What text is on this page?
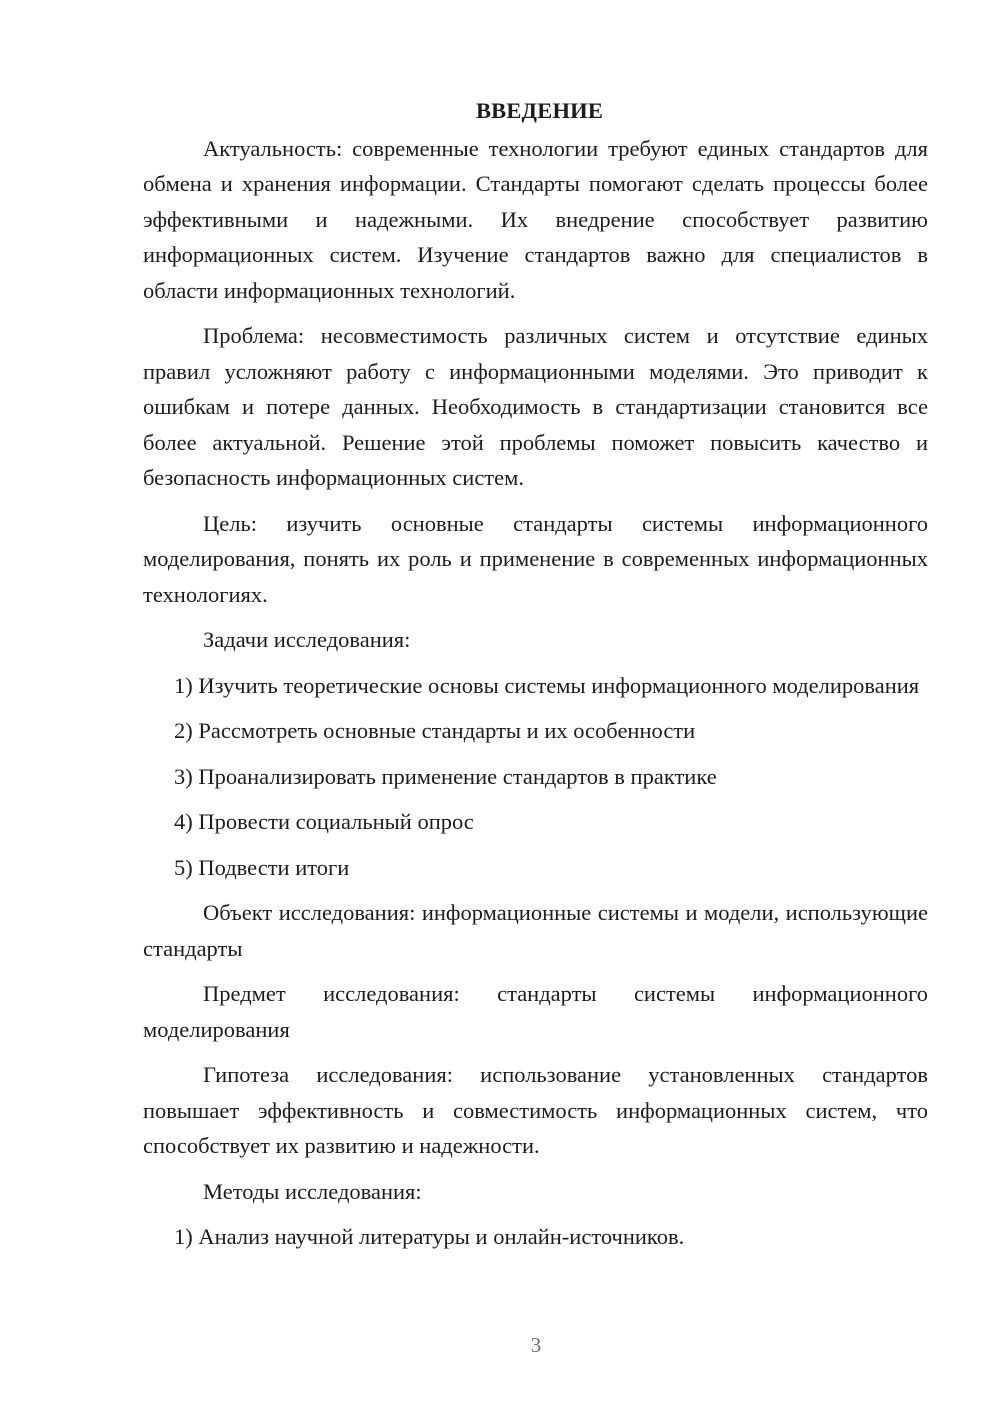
ВВЕДЕНИЕ

Актуальность: современные технологии требуют единых стандартов для обмена и хранения информации. Стандарты помогают сделать процессы более эффективными и надежными. Их внедрение способствует развитию информационных систем. Изучение стандартов важно для специалистов в области информационных технологий.

Проблема: несовместимость различных систем и отсутствие единых правил усложняют работу с информационными моделями. Это приводит к ошибкам и потере данных. Необходимость в стандартизации становится все более актуальной. Решение этой проблемы поможет повысить качество и безопасность информационных систем.

Цель: изучить основные стандарты системы информационного моделирования, понять их роль и применение в современных информационных технологиях.

Задачи исследования:

1) Изучить теоретические основы системы информационного моделирования

2) Рассмотреть основные стандарты и их особенности

3) Проанализировать применение стандартов в практике

4) Провести социальный опрос

5) Подвести итоги

Объект исследования: информационные системы и модели, использующие стандарты

Предмет исследования: стандарты системы информационного моделирования

Гипотеза исследования: использование установленных стандартов повышает эффективность и совместимость информационных систем, что способствует их развитию и надежности.

Методы исследования:

1) Анализ научной литературы и онлайн-источников.

3
